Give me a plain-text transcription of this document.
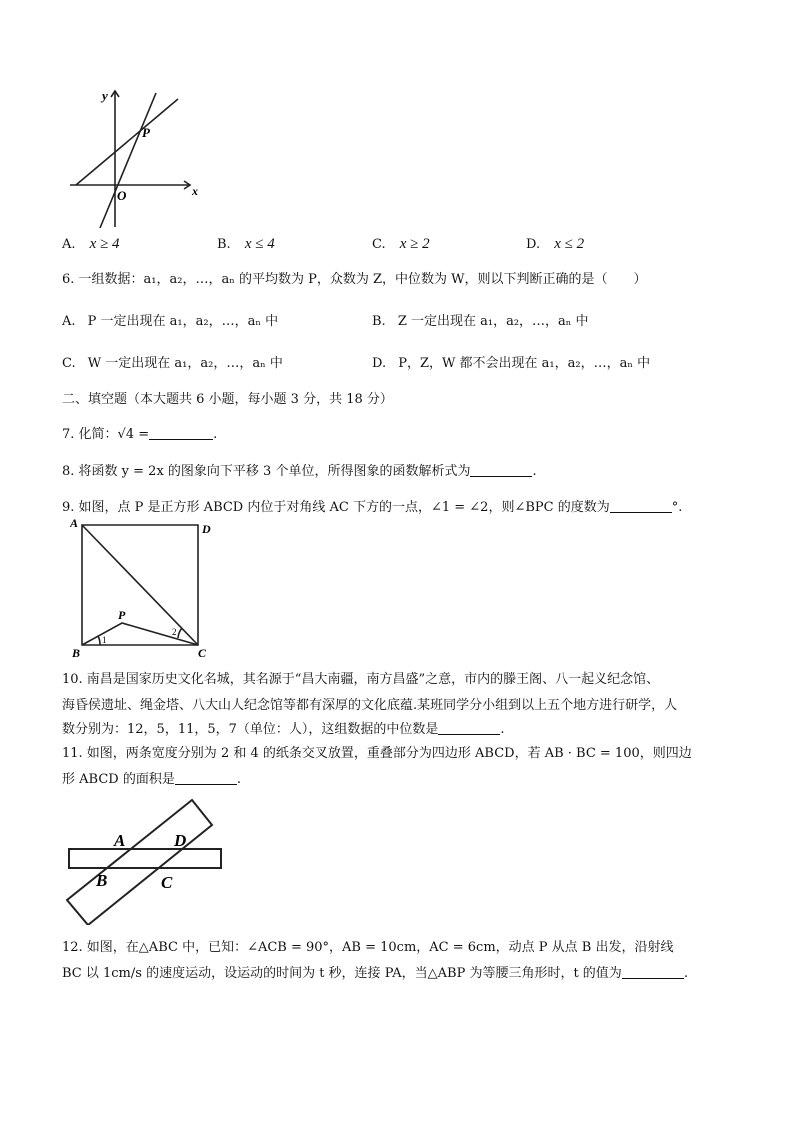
y
x
O
P
A. x ≥ 4	B. x ≤ 4	C. x ≥ 2	D. x ≤ 2
6. 一组数据：a₁，a₂，…，aₙ 的平均数为 P，众数为 Z，中位数为 W，则以下判断正确的是（　　）
A. P 一定出现在 a₁，a₂，…，aₙ 中	B. Z 一定出现在 a₁，a₂，…，aₙ 中
C. W 一定出现在 a₁，a₂，…，aₙ 中	D. P，Z，W 都不会出现在 a₁，a₂，…，aₙ 中
二、填空题（本大题共 6 小题，每小题 3 分，共 18 分）
7. 化简：√4 =	.
8. 将函数 y = 2x 的图象向下平移 3 个单位，所得图象的函数解析式为	.
9. 如图，点 P 是正方形 ABCD 内位于对角线 AC 下方的一点，∠1 = ∠2，则∠BPC 的度数为	°.
A	D
B	C
P
1
2
10. 南昌是国家历史文化名城，其名源于“昌大南疆，南方昌盛”之意，市内的滕王阁、八一起义纪念馆、
海昏侯遗址、绳金塔、八大山人纪念馆等都有深厚的文化底蕴.某班同学分小组到以上五个地方进行研学，人
数分别为：12，5，11，5，7（单位：人），这组数据的中位数是	.
11. 如图，两条宽度分别为 2 和 4 的纸条交叉放置，重叠部分为四边形 ABCD，若 AB · BC = 100，则四边
形 ABCD 的面积是	.
A	D
B	C
12. 如图，在△ABC 中，已知：∠ACB = 90°，AB = 10cm，AC = 6cm，动点 P 从点 B 出发，沿射线
BC 以 1cm/s 的速度运动，设运动的时间为 t 秒，连接 PA，当△ABP 为等腰三角形时，t 的值为	.
